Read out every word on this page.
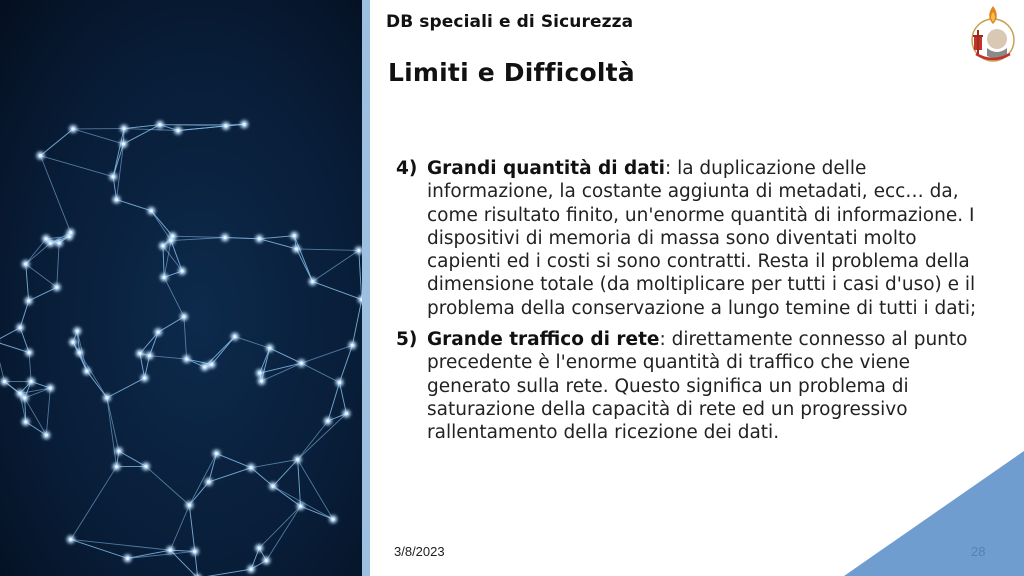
DB speciali e di Sicurezza
Limiti e Difficoltà
4) Grandi quantità di dati: la duplicazione delle informazione, la costante aggiunta di metadati, ecc… da, come risultato finito, un'enorme quantità di informazione. I dispositivi di memoria di massa sono diventati molto capienti ed i costi si sono contratti. Resta il problema della dimensione totale (da moltiplicare per tutti i casi d'uso) e il problema della conservazione a lungo temine di tutti i dati;
5) Grande traffico di rete: direttamente connesso al punto precedente è l'enorme quantità di traffico che viene generato sulla rete. Questo significa un problema di saturazione della capacità di rete ed un progressivo rallentamento della ricezione dei dati.
3/8/2023
